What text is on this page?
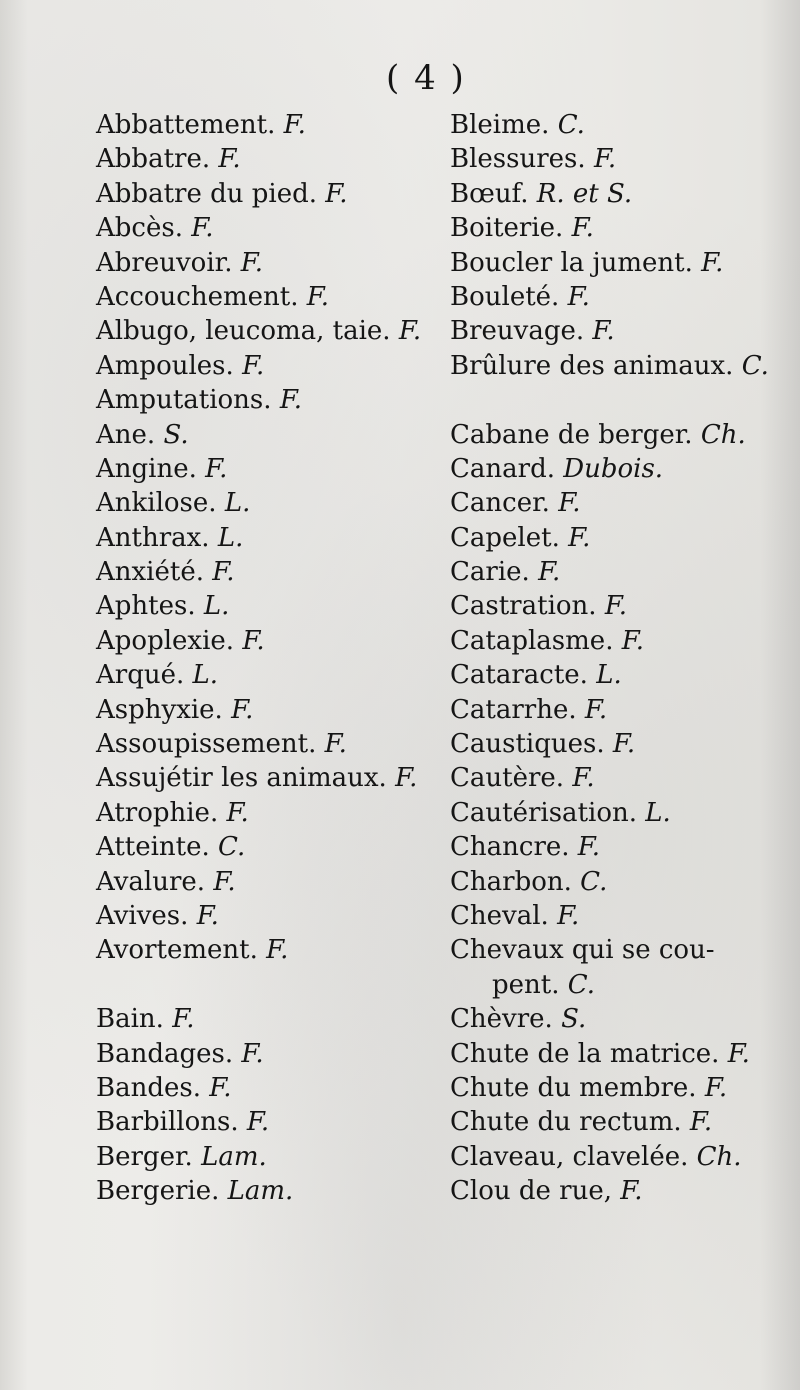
( 4 )
Abbattement. F.
Abbatre. F.
Abbatre du pied. F.
Abcès. F.
Abreuvoir. F.
Accouchement. F.
Albugo, leucoma, taie. F.
Ampoules. F.
Amputations. F.
Ane. S.
Angine. F.
Ankilose. L.
Anthrax. L.
Anxiété. F.
Aphtes. L.
Apoplexie. F.
Arqué. L.
Asphyxie. F.
Assoupissement. F.
Assujétir les animaux. F.
Atrophie. F.
Atteinte. C.
Avalure. F.
Avives. F.
Avortement. F.
Bain. F.
Bandages. F.
Bandes. F.
Barbillons. F.
Berger. Lam.
Bergerie. Lam.
Bleime. C.
Blessures. F.
Bœuf. R. et S.
Boiterie. F.
Boucler la jument. F.
Bouleté. F.
Breuvage. F.
Brûlure des animaux. C.
Cabane de berger. Ch.
Canard. Dubois.
Cancer. F.
Capelet. F.
Carie. F.
Castration. F.
Cataplasme. F.
Cataracte. L.
Catarrhe. F.
Caustiques. F.
Cautère. F.
Cautérisation. L.
Chancre. F.
Charbon. C.
Cheval. F.
Chevaux qui se cou-
pent. C.
Chèvre. S.
Chute de la matrice. F.
Chute du membre. F.
Chute du rectum. F.
Claveau, clavelée. Ch.
Clou de rue, F.
